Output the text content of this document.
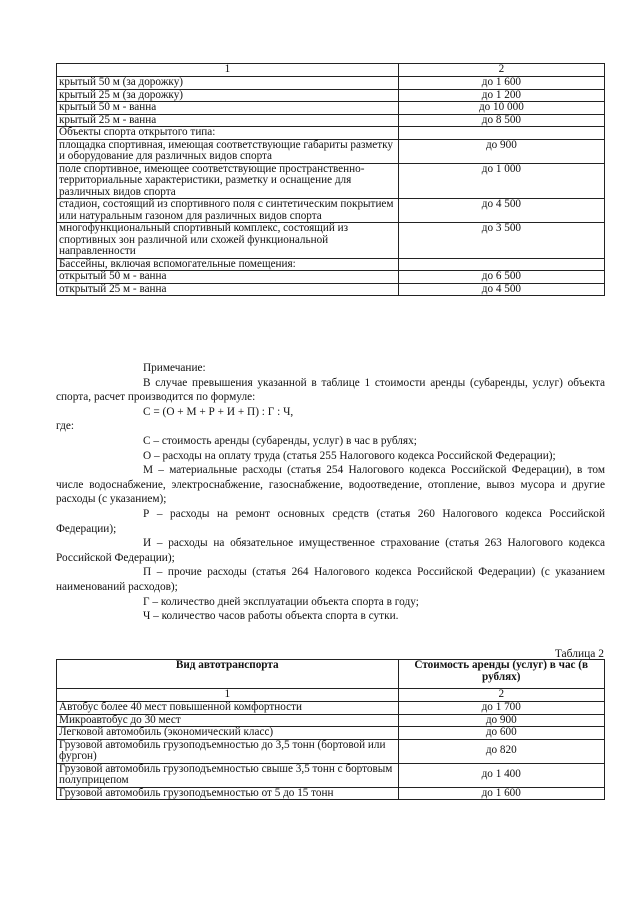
1	2
крытый 50 м (за дорожку)	до 1 600
крытый 25 м (за дорожку)	до 1 200
крытый 50 м - ванна	до 10 000
крытый 25 м - ванна	до 8 500
Объекты спорта открытого типа:	
площадка спортивная, имеющая соответствующие габариты разметку и оборудование для различных видов спорта	до 900
поле спортивное, имеющее соответствующие пространственно-территориальные характеристики, разметку и оснащение для различных видов спорта	до 1 000
стадион, состоящий из спортивного поля с синтетическим покрытием или натуральным газоном для различных видов спорта	до 4 500
многофункциональный спортивный комплекс, состоящий из спортивных зон различной или схожей функциональной направленности	до 3 500
Бассейны, включая вспомогательные помещения:	
открытый 50 м - ванна	до 6 500
открытый 25 м - ванна	до 4 500

Примечание:

В случае превышения указанной в таблице 1 стоимости аренды (субаренды, услуг) объекта спорта, расчет производится по формуле:

С = (О + М + Р + И + П) : Г : Ч,

где:

С – стоимость аренды (субаренды, услуг) в час в рублях;

О – расходы на оплату труда (статья 255 Налогового кодекса Российской Федерации);

М – материальные расходы (статья 254 Налогового кодекса Российской Федерации), в том числе водоснабжение, электроснабжение, газоснабжение, водоотведение, отопление, вывоз мусора и другие расходы (с указанием);

Р – расходы на ремонт основных средств (статья 260 Налогового кодекса Российской Федерации);

И – расходы на обязательное имущественное страхование (статья 263 Налогового кодекса Российской Федерации);

П – прочие расходы (статья 264 Налогового кодекса Российской Федерации) (с указанием наименований расходов);

Г – количество дней эксплуатации объекта спорта в году;

Ч – количество часов работы объекта спорта в сутки.

Таблица 2
Вид автотранспорта	Стоимость аренды (услуг) в час (в рублях)
1	2
Автобус более 40 мест повышенной комфортности	до 1 700
Микроавтобус до 30 мест	до 900
Легковой автомобиль (экономический класс)	до 600
Грузовой автомобиль грузоподъемностью до 3,5 тонн (бортовой или фургон)	до 820
Грузовой автомобиль грузоподъемностью свыше 3,5 тонн с бортовым полуприцепом	до 1 400
Грузовой автомобиль грузоподъемностью от 5 до 15 тонн	до 1 600
